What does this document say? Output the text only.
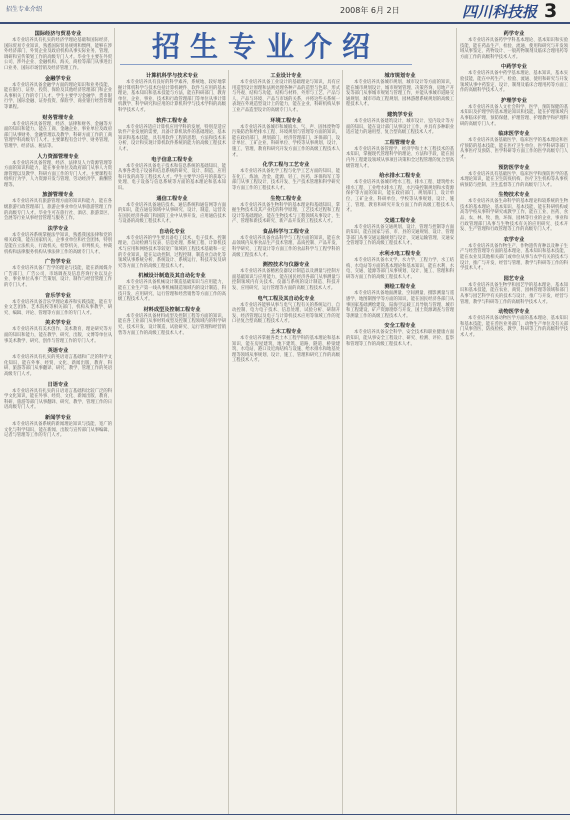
招生专业介绍	2008年 6月 2日	四川科技报 3
招生专业介绍
国际经济与贸易专业
本专业培养具有扎实的经济学理论基础和国际经济、国际贸易专业知识，熟悉国际贸易规则和惯例，能够在涉外经济部门、外贸企业及政府机构从事实际业务、管理、调研和宣传策划工作的高级专门人才。毕业生主要在外贸公司、涉外企业、金融机构、海关、商检等部门从事进出口业务、国际市场营销及经济管理工作。
金融学专业
本专业培养具备金融学方面的理论知识和业务技能，能在银行、证券、投资、保险及其他经济管理部门和企业从事相关工作的专门人才。学生主要学习金融学、货币银行学、国际金融、证券投资、保险学、商业银行经营管理等课程。
财务管理专业
本专业培养具备管理、经济、法律和财务、金融等方面的知识和能力，能在工商、金融企业、事业单位及政府部门从事财务、金融管理以及教学、科研方面工作的工商管理学科高级专门人才。主要课程有会计学、财务管理、管理学、经济法、税法等。
人力资源管理专业
本专业培养具备管理、经济、法律及人力资源管理等方面的知识和能力，能在事业单位及政府部门从事人力资源管理以及教学、科研方面工作的专门人才。主要课程有组织行为学、人力资源开发与管理、劳动经济学、薪酬管理等。
旅游管理专业
本专业培养具有旅游管理方面的知识和能力，能在各级旅游行政管理部门、旅游企事业单位从事旅游管理工作的高级专门人才。毕业生可在旅行社、酒店、旅游景区、会展等行业从事经营管理与服务工作。
法学专业
本专业培养系统掌握法学知识，熟悉我国法律和党的相关政策，能在国家机关、企事业单位和社会团体，特别是能在立法机关、行政机关、检察机关、审判机关、仲裁机构和法律服务机构从事法律工作的高级专门人才。
广告学专业
本专业培养具备广告学的理论与技能，能在新闻媒介广告部门、广告公司、市场调查及信息咨询行业以及企业、事业单位从事广告策划、设计、制作与经营管理工作的专门人才。
音乐学专业
本专业培养具备音乐学理论素养和实践技能，能在专业文艺团体、艺术院校等相关部门、机构从事教学、研究、编辑、评论、管理等方面工作的专门人才。
美术学专业
本专业培养具有美术创作、美术教育、理论研究等方面的知识和能力，能在教学、研究、出版、文博等单位从事美术教学、研究、创作与管理工作的专门人才。
英语专业
本专业培养具有扎实的英语语言基础和广泛的科学文化知识，能在外事、经贸、文化、新闻出版、教育、科研、旅游等部门从事翻译、研究、教学、管理工作的英语高级专门人才。
日语专业
本专业培养具有扎实的日语语言基础和比较广泛的科学文化知识，能在外事、经贸、文化、新闻出版、教育、科研、旅游等部门从事翻译、研究、教学、管理工作的日语高级专门人才。
新闻学专业
本专业培养具备系统的新闻理论知识与技能、宽广的文化与科学知识，能在新闻、出版与宣传部门从事编辑、记者与管理等工作的专门人才。
计算机科学与技术专业
本专业培养具有良好的科学素养，系统地、较好地掌握计算机科学与技术包括计算机硬件、软件与应用的基本理论、基本知识和基本技能与方法，能在科研部门、教育单位、企业、事业、技术和行政管理部门等单位从事计算机教学、科学研究和应用的计算机科学与技术学科的高级科学技术人才。
软件工程专业
本专业培养适应计算机应用学科的发展，特别是适应软件产业发展的需要，具备计算机软件的基础理论、基本知识和基本技能，具有用软件工程的思想、方法和技术来分析、设计和实现计算机软件系统的能力的高级工程技术人才。
电子信息工程专业
本专业培养具备电子技术和信息系统的基础知识，能从事各类电子设备和信息系统的研究、设计、制造、应用和开发的高等工程技术人才。学生主要学习信号的获取与处理、电子设备与信息系统等方面的基本理论和基本知识。
通信工程专业
本专业培养具备通信技术、通信系统和通信网等方面的知识，能在通信领域中从事研究、设计、制造、运营及在国民经济各部门和国防工业中从事开发、应用通信技术与设备的高级工程技术人才。
自动化专业
本专业培养的学生要具备电工技术、电子技术、控制理论、自动检测与仪表、信息处理、系统工程、计算机技术与应用和网络技术等较宽广领域的工程技术基础和一定的专业知识，能在运动控制、过程控制、制造业自动化等领域从事系统分析、系统设计、系统运行、科技开发及研究等方面工作的高级工程技术人才。
机械设计制造及其自动化专业
本专业培养具备机械设计制造基础知识与应用能力，能在工业生产第一线从事机械制造领域内的设计制造、科技开发、应用研究、运行管理和经营销售等方面工作的高级工程技术人才。
材料成型及控制工程专业
本专业培养具备材料成型及控制工程等方面的知识，能在各工业部门从事材料成型及控制工程领域内的科学研究、技术开发、设计制造、试验研究、运行管理和经营销售等方面工作的高级工程技术人才。
工业设计专业
本专业培养具备工业设计的基础理论与知识，具有应用造型设计原理和法则处理各种产品的造型与色彩、形式与外观、结构与功能、结构与材料、外形与工艺、产品与人、产品与环境、产品与市场的关系，并将这些关系统一表现在外观造型设计上的能力，能在企业、科研机构从事工业产品造型设计的高级专门人才。
环境工程专业
本专业培养具备城市和城镇水、气、声、固体废物等污染防治和给排水工程、环境规划与管理等方面的知识，能在政府部门、规划部门、经济管理部门、环保部门、设计单位、工矿企业、科研单位、学校等从事规划、设计、施工、管理、教育和研究开发方面工作的高级工程技术人才。
化学工程与工艺专业
本专业培养具备化学工程与化学工艺方面的知识，能在化工、炼油、冶金、能源、轻工、医药、环保和军工等部门从事工程设计、技术开发、生产技术管理和科学研究等方面工作的工程技术人才。
生物工程专业
本专业培养具备生物科学的基本理论和基础知识，掌握生物技术及其产业化的科学原理、工艺技术过程和工程设计等基础理论，能在生物技术与工程领域从事设计、生产、管理和新技术研究、新产品开发的工程技术人才。
食品科学与工程专业
本专业培养具备食品科学与工程方面的知识，能在食品领域内从事食品生产技术管理、品质控制、产品开发、科学研究、工程设计等方面工作的食品科学与工程学科的高级工程技术人才。
测控技术与仪器专业
本专业培养具备精密仪器设计制造以及测量与控制方面基础知识与应用能力，能在国民经济各部门从事测量与控制领域内有关技术、仪器与系统的设计制造、科技开发、应用研究、运行管理等方面的高级工程技术人才。
电气工程及其自动化专业
本专业培养能够从事与电气工程有关的系统运行、自动控制、电力电子技术、信息处理、试验分析、研制开发、经济管理以及电子与计算机技术应用等领域工作的宽口径复合型高级工程技术人才。
土木工程专业
本专业培养掌握各类土木工程学科的基本理论和基本知识，能在房屋建筑、地下建筑、道路、隧道、桥梁建筑、水电站、港口及近海结构与设施、给水排水和地基处理等领域从事规划、设计、施工、管理和研究工作的高级工程技术人才。
城市规划专业
本专业培养具备城市规划、城市设计等方面的知识，能在城市规划设计、城市规划管理、决策咨询、房地产开发等部门从事城市规划与管理工作，并能从事城市道路交通规划、城市市政工程规划、园林游憩系统规划的高级工程技术人才。
建筑学专业
本专业培养具备建筑设计、城市设计、室内设计等方面的知识，能在设计部门从事设计工作，并具有多种职业适应能力的通用型、复合型高级工程技术人才。
工程管理专业
本专业培养具备管理学、经济学和土木工程技术的基本知识，掌握现代管理科学的理论、方法和手段，能在国内外工程建设领域从事项目决策和全过程管理的复合型高级管理人才。
给水排水工程专业
本专业培养具备城市给水工程、排水工程、建筑给水排水工程、工业给水排水工程、水污染控制规划和水资源保护等方面的知识，能在政府部门、规划部门、设计单位、工矿企业、科研单位、学校等从事规划、设计、施工、管理、教育和研究开发方面工作的高级工程技术人才。
交通工程专业
本专业培养具备交通规划、设计、管理与控制等方面的知识，能在国家与省、市、县的交通规划、设计、管理等部门从事交通运输规划与设计、交通运输管理、交通安全管理等工作的高级工程技术人才。
水利水电工程专业
本专业培养具备水文学、水力学、工程力学、水工结构、水电站等方面的基本理论和基本知识，能在水利、水电、交通、能源等部门从事规划、设计、施工、管理和科研等方面工作的高级工程技术人才。
测绘工程专业
本专业培养具备地面测量、空间测量、摄影测量与遥感学、地图制图学等方面的知识，能在国民经济各部门从事国家基础测绘建设、陆海空运载工具导航与管理、城市和工程建设、矿产资源勘察与开发、国土资源调查与管理等测量工作的高级工程技术人才。
安全工程专业
本专业培养具备安全科学、安全技术和职业健康方面的知识，能从事安全工程设计、研究、检测、评价、监察和管理等工作的高级工程技术人才。
药学专业
本专业培养具备药学学科基本理论、基本知识和实验技能，能在药品生产、检验、流通、使用和研究与开发领域从事鉴定、药物设计、一般药物制剂及临床合理用药等方面工作的高级科学技术人才。
中药学专业
本专业培养具备中药学基本理论、基本知识、基本实验技能，能在中药生产、检验、流通、使用和研究与开发领域从事中药鉴定、设计、制剂及临床合理用药等方面工作的高级科学技术人才。
护理学专业
本专业培养具备人文社会科学、医学、预防保健的基本知识及护理学的基本理论知识和技能，能在护理领域内从事临床护理、预防保健、护理管理、护理教学和护理科研的高级专门人才。
临床医学专业
本专业培养具备基础医学、临床医学的基本理论和医疗预防的基本技能，能在医疗卫生单位、医学科研等部门从事医疗及预防、医学科研等方面工作的医学高级专门人才。
预防医学专业
本专业培养具有基础医学、临床医学和预防医学的基本理论知识，能在卫生防疫机构、医疗卫生机构等从事疾病预防与控制、卫生监督等工作的高级专门人才。
生物技术专业
本专业培养具备生命科学的基本理论和较系统的生物技术的基本理论、基本知识、基本技能，能在科研机构或高等学校从事科学研究或教学工作，能在工业、医药、食品、农、林、牧、渔、环保、园林等行业的企业、事业和行政管理部门从事与生物技术有关的应用研究、技术开发、生产管理和行政管理等工作的高级专门人才。
农学专业
本专业培养具备作物生产、作物遗传育种以及种子生产与经营管理等方面的基本理论、基本知识和基本技能，能在农业及其他相关部门或单位从事与农学有关的技术与设计、推广与开发、经营与管理、教学与科研等工作的科学技术人才。
园艺专业
本专业培养具备生物学和园艺学的基本理论、基本知识和基本技能，能在农业、商贸、园林管理等领域和部门从事与园艺科学有关的技术与设计、推广与开发、经营与管理、教学与科研等工作的高级科学技术人才。
动物医学专业
本专业培养具备动物医学方面的基本理论、基本知识和基本技能，能在兽医业务部门、动物生产单位及有关部门从事兽医、防疫检疫、教学、科研等工作的高级科学技术人才。
